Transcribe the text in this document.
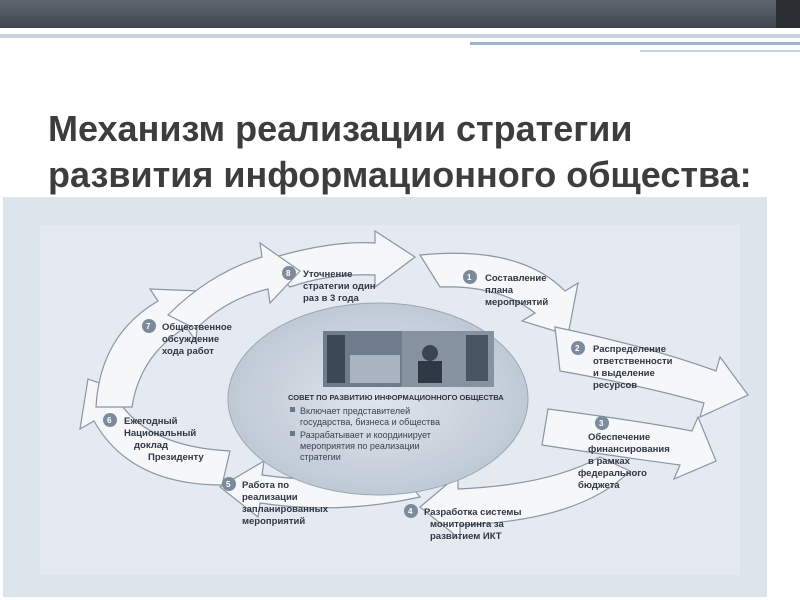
Механизм реализации стратегии
развития информационного общества:
СОВЕТ ПО РАЗВИТИЮ ИНФОРМАЦИОННОГО ОБЩЕСТВА
Включает представителей
государства, бизнеса и общества
Разрабатывает и координирует
мероприятия по реализации
стратегии
8 Уточнение
стратегии один
раз в 3 года
1 Составление
плана
мероприятий
2 Распределение
ответственности
и выделение
ресурсов
3
Обеспечение
финансирования
в рамках
федерального
бюджета
4 Разработка системы
мониторинга за
развитием ИКТ
5 Работа по
реализации
запланированных
мероприятий
6 Ежегодный
Национальный
доклад
Президенту
7 Общественное
обсуждение
хода работ
